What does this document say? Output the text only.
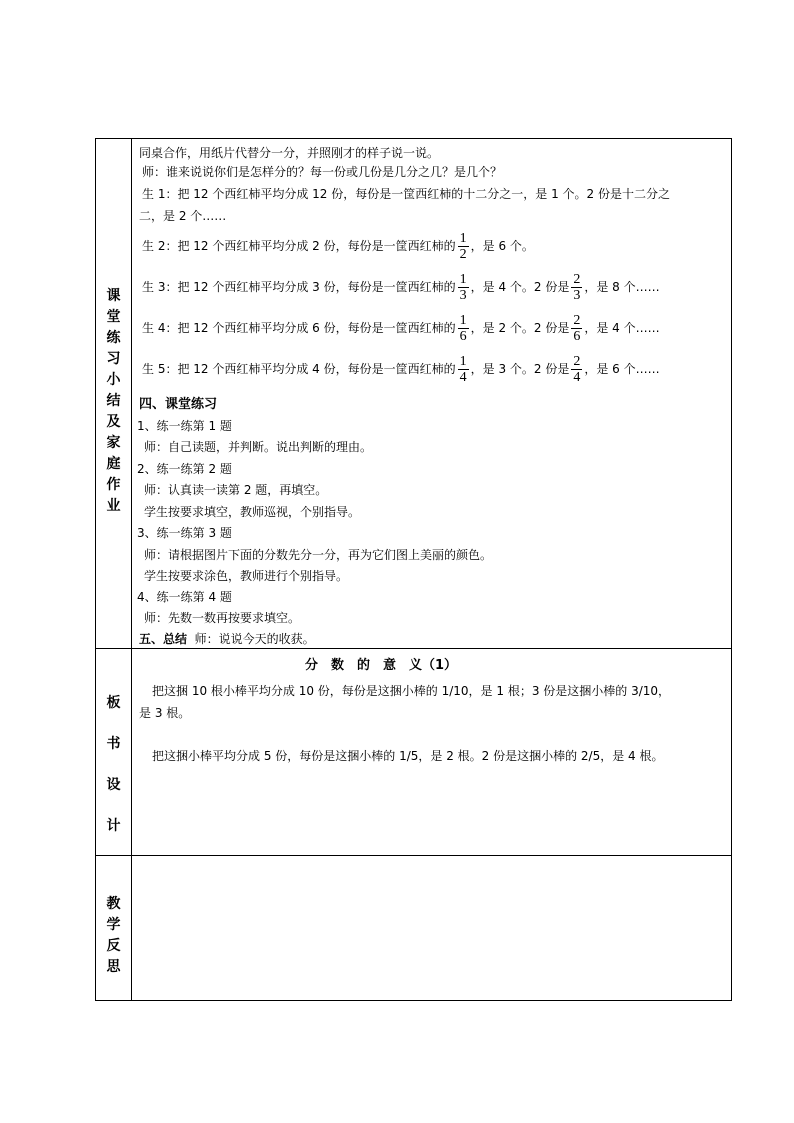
课
堂
练
习
小
结
及
家
庭
作
业
同桌合作，用纸片代替分一分，并照刚才的样子说一说。
师：谁来说说你们是怎样分的？每一份或几份是几分之几？是几个？
生 1：把 12 个西红柿平均分成 12 份，每份是一筐西红柿的十二分之一，是 1 个。2 份是十二分之
二，是 2 个……
生 2：把 12 个西红柿平均分成 2 份，每份是一筐西红柿的 $\frac{1}{2}$ ，是 6 个。
生 3：把 12 个西红柿平均分成 3 份，每份是一筐西红柿的 $\frac{1}{3}$ ，是 4 个。2 份是 $\frac{2}{3}$ ，是 8 个……
生 4：把 12 个西红柿平均分成 6 份，每份是一筐西红柿的 $\frac{1}{6}$ ，是 2 个。2 份是 $\frac{2}{6}$ ，是 4 个……
生 5：把 12 个西红柿平均分成 4 份，每份是一筐西红柿的 $\frac{1}{4}$ ，是 3 个。2 份是 $\frac{2}{4}$ ，是 6 个……
四、课堂练习
1、练一练第 1 题
师：自己读题，并判断。说出判断的理由。
2、练一练第 2 题
师：认真读一读第 2 题，再填空。
学生按要求填空，教师巡视，个别指导。
3、练一练第 3 题
师：请根据图片下面的分数先分一分，再为它们图上美丽的颜色。
学生按要求涂色，教师进行个别指导。
4、练一练第 4 题
师：先数一数再按要求填空。
五、总结 师：说说今天的收获。
板
书
设
计
分　数　的　意　义（1）
把这捆 10 根小棒平均分成 10 份，每份是这捆小棒的 1/10，是 1 根；3 份是这捆小棒的 3/10，
是 3 根。
把这捆小棒平均分成 5 份，每份是这捆小棒的 1/5，是 2 根。2 份是这捆小棒的 2/5，是 4 根。
教
学
反
思
